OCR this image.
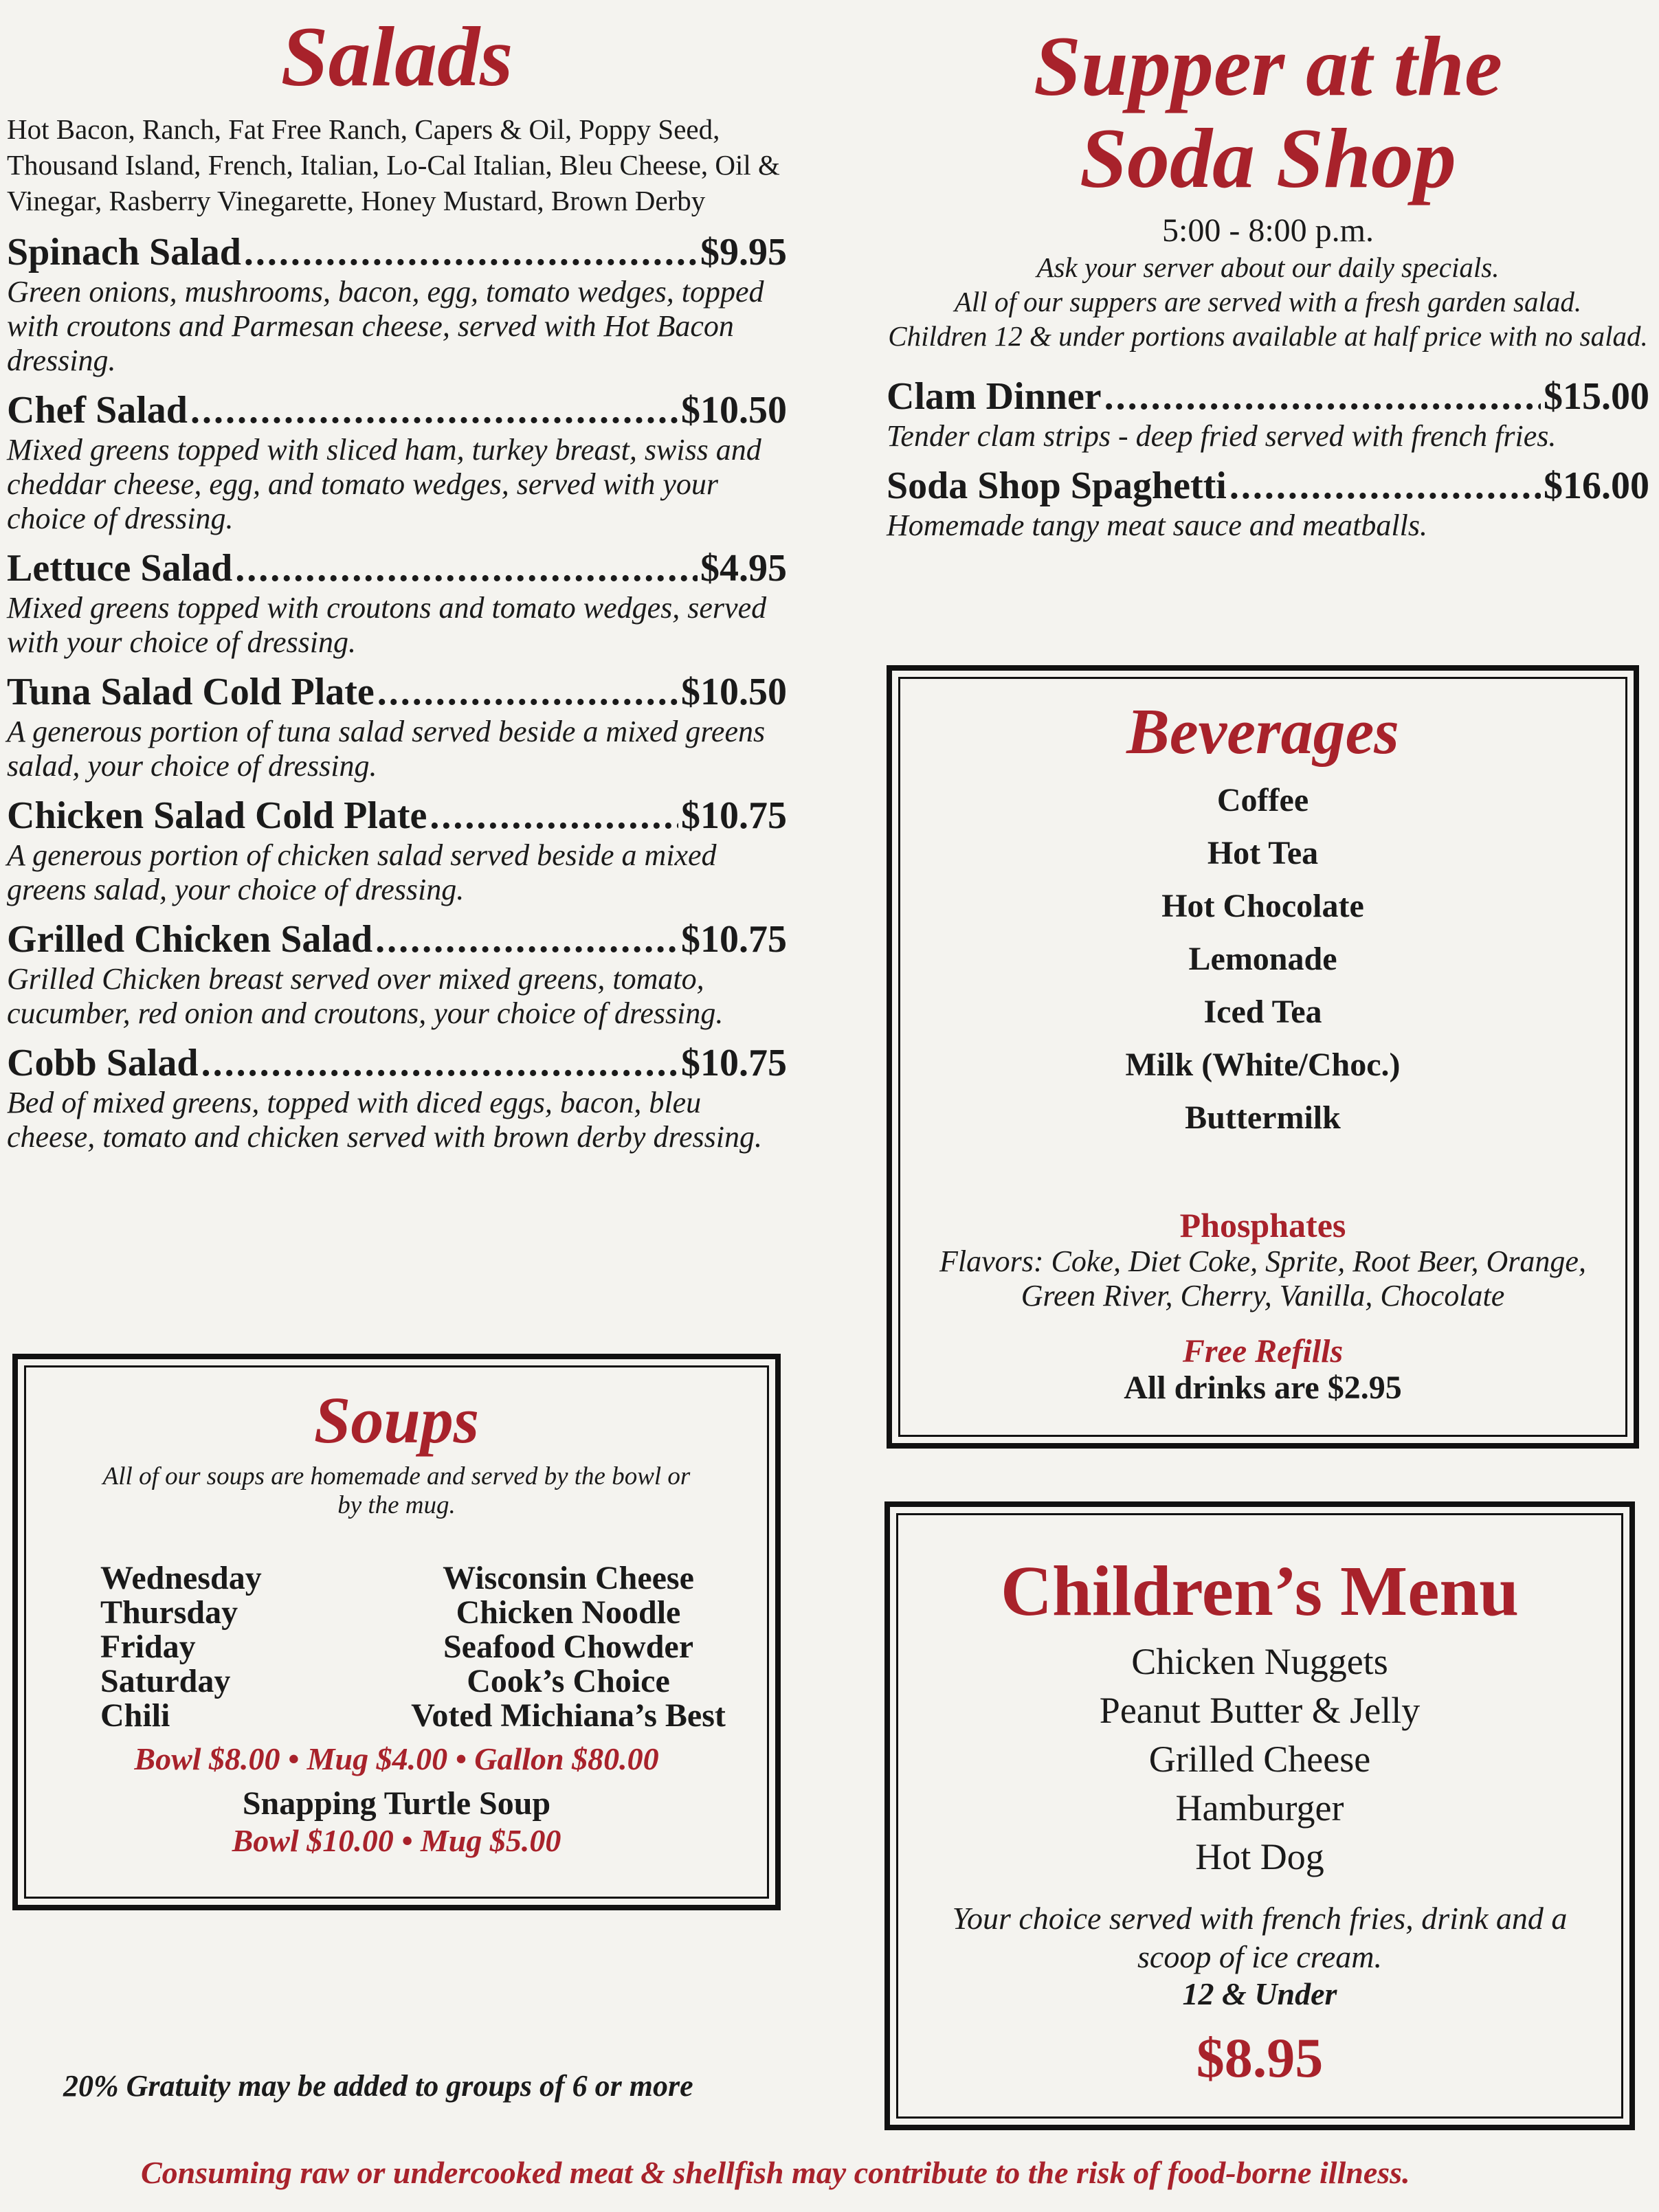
Salads
Hot Bacon, Ranch, Fat Free Ranch, Capers & Oil, Poppy Seed, Thousand Island, French, Italian, Lo-Cal Italian, Bleu Cheese, Oil & Vinegar, Rasberry Vinegarette, Honey Mustard, Brown Derby
Spinach Salad .....	$9.95
Green onions, mushrooms, bacon, egg, tomato wedges, topped with croutons and Parmesan cheese, served with Hot Bacon dressing.
Chef Salad .....	$10.50
Mixed greens topped with sliced ham, turkey breast, swiss and cheddar cheese, egg, and tomato wedges, served with your choice of dressing.
Lettuce Salad .....	$4.95
Mixed greens topped with croutons and tomato wedges, served with your choice of dressing.
Tuna Salad Cold Plate .....	$10.50
A generous portion of tuna salad served beside a mixed greens salad, your choice of dressing.
Chicken Salad Cold Plate .....	$10.75
A generous portion of chicken salad served beside a mixed greens salad, your choice of dressing.
Grilled Chicken Salad .....	$10.75
Grilled Chicken breast served over mixed greens, tomato, cucumber, red onion and croutons, your choice of dressing.
Cobb Salad .....	$10.75
Bed of mixed greens, topped with diced eggs, bacon, bleu cheese, tomato and chicken served with brown derby dressing.
Soups
All of our soups are homemade and served by the bowl or by the mug.
Wednesday	Wisconsin Cheese
Thursday	Chicken Noodle
Friday	Seafood Chowder
Saturday	Cook’s Choice
Chili	Voted Michiana’s Best
Bowl $8.00 • Mug $4.00 • Gallon $80.00
Snapping Turtle Soup
Bowl $10.00 • Mug $5.00
Supper at the
Soda Shop
5:00 - 8:00 p.m.
Ask your server about our daily specials.
All of our suppers are served with a fresh garden salad.
Children 12 & under portions available at half price with no salad.
Clam Dinner .....	$15.00
Tender clam strips - deep fried served with french fries.
Soda Shop Spaghetti .....	$16.00
Homemade tangy meat sauce and meatballs.
Beverages
Coffee
Hot Tea
Hot Chocolate
Lemonade
Iced Tea
Milk (White/Choc.)
Buttermilk
Phosphates
Flavors: Coke, Diet Coke, Sprite, Root Beer, Orange, Green River, Cherry, Vanilla, Chocolate
Free Refills
All drinks are $2.95
Children’s Menu
Chicken Nuggets
Peanut Butter & Jelly
Grilled Cheese
Hamburger
Hot Dog
Your choice served with french fries, drink and a scoop of ice cream.
12 & Under
$8.95
20% Gratuity may be added to groups of 6 or more
Consuming raw or undercooked meat & shellfish may contribute to the risk of food-borne illness.
